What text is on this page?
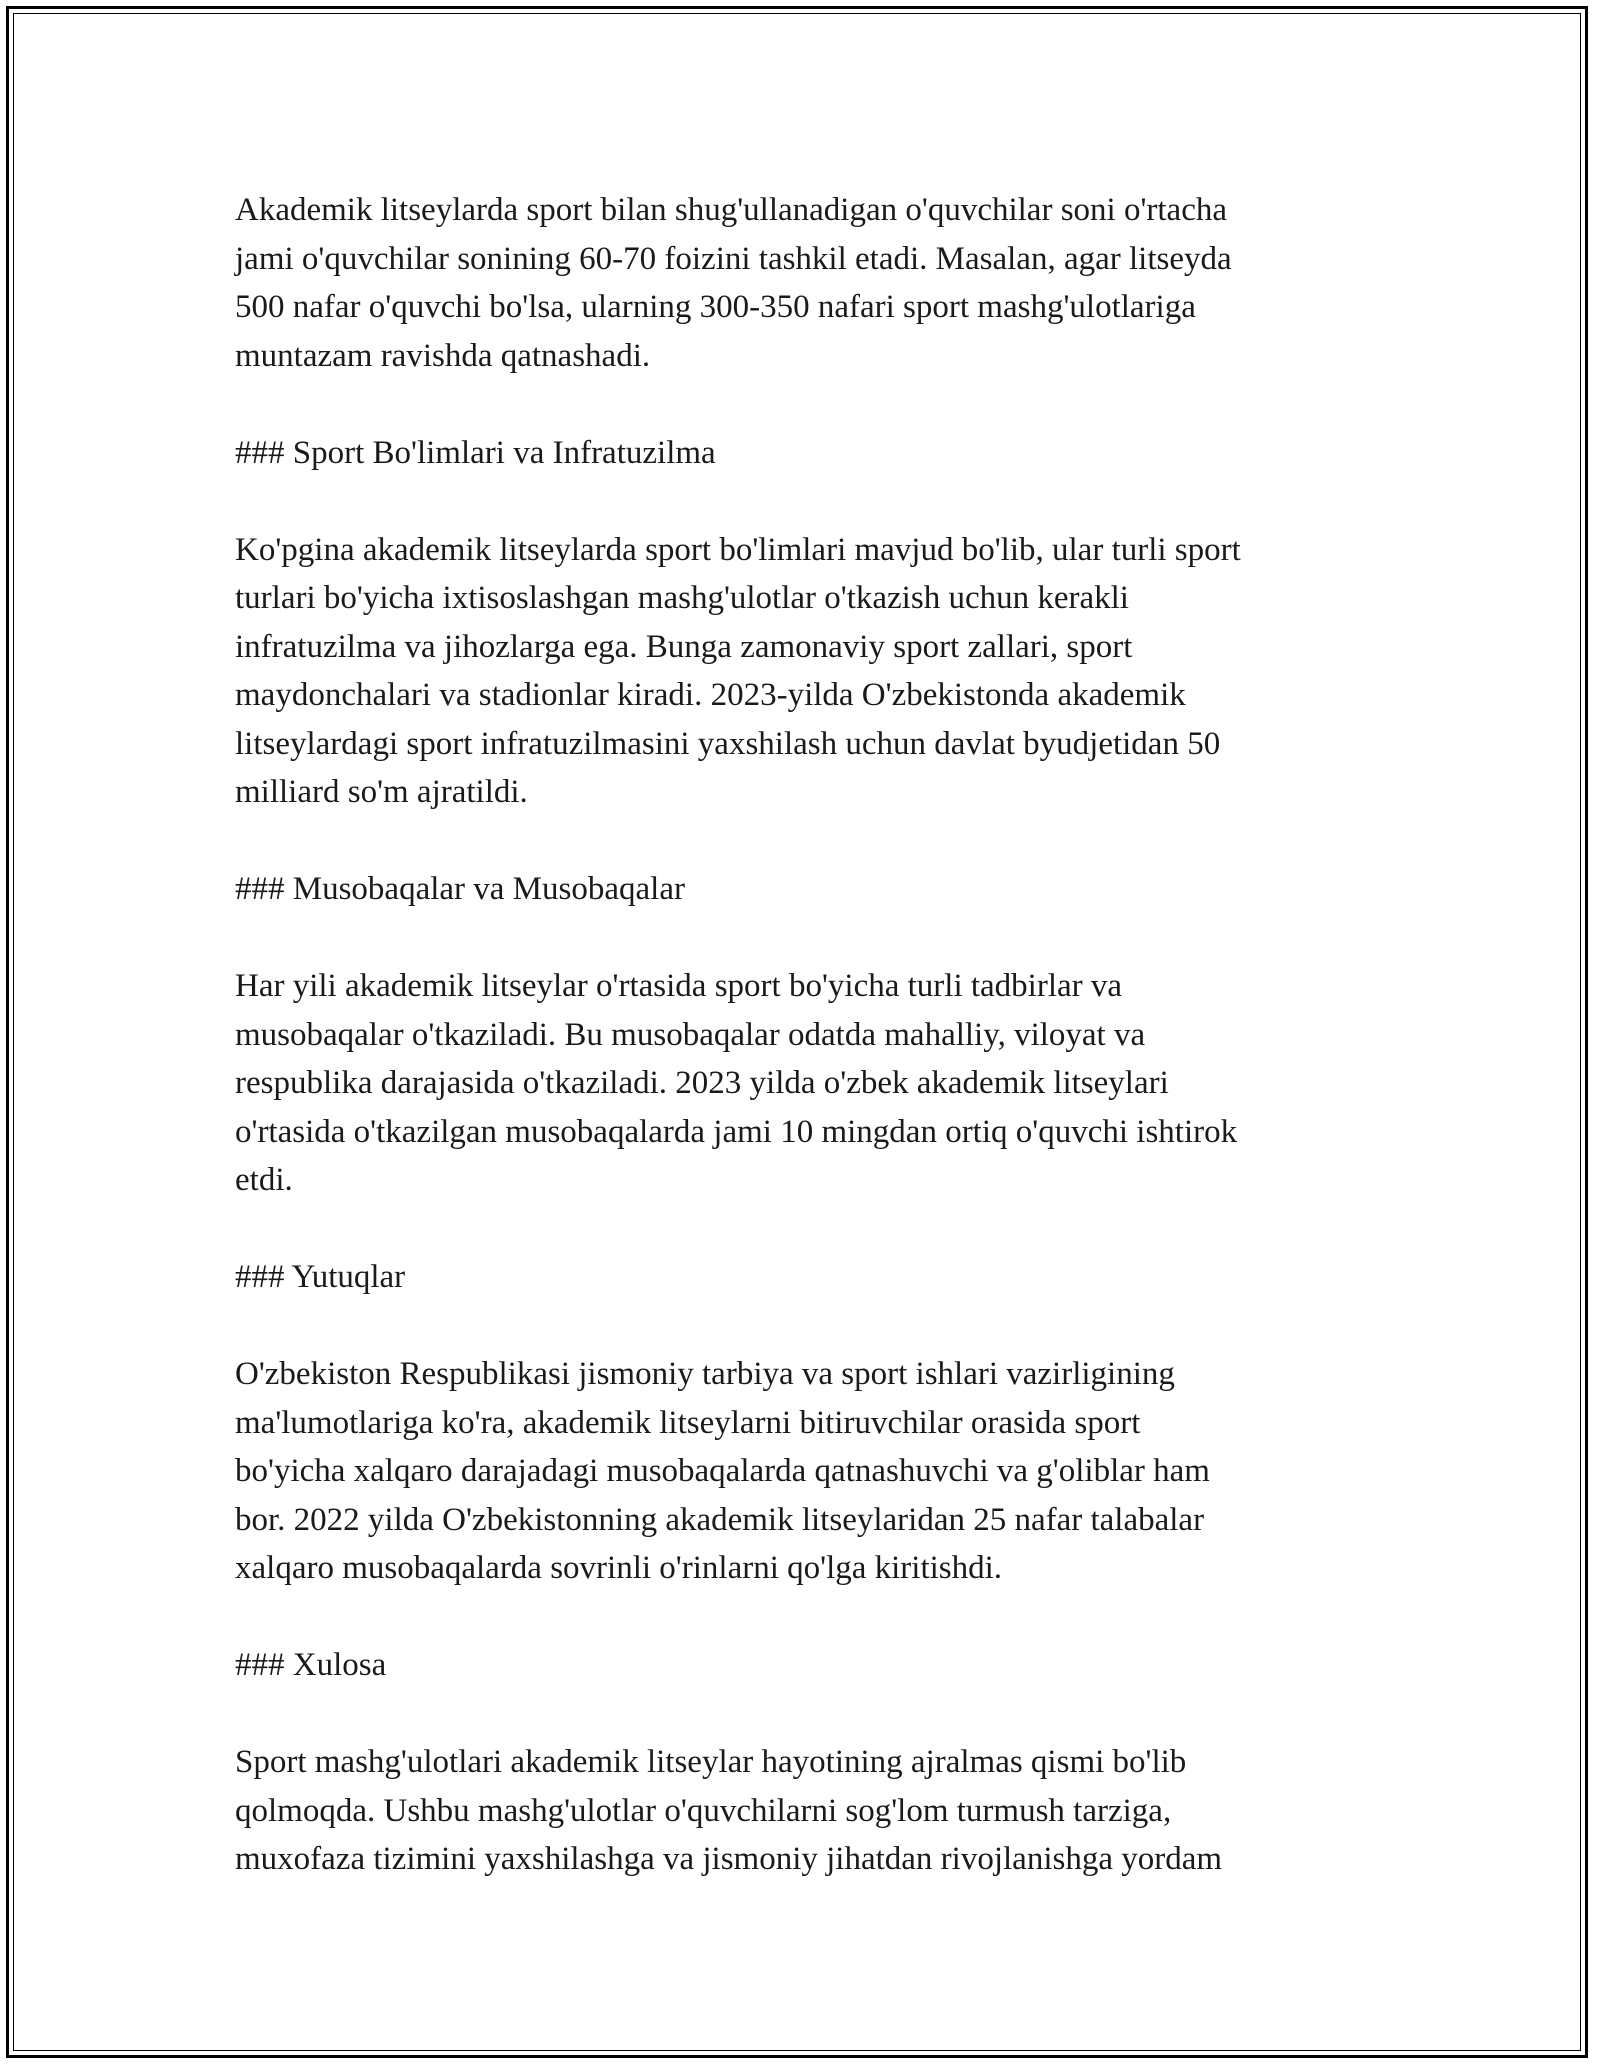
Akademik litseylarda sport bilan shug'ullanadigan o'quvchilar soni o'rtacha
jami o'quvchilar sonining 60-70 foizini tashkil etadi. Masalan, agar litseyda
500 nafar o'quvchi bo'lsa, ularning 300-350 nafari sport mashg'ulotlariga
muntazam ravishda qatnashadi.

### Sport Bo'limlari va Infratuzilma

Ko'pgina akademik litseylarda sport bo'limlari mavjud bo'lib, ular turli sport
turlari bo'yicha ixtisoslashgan mashg'ulotlar o'tkazish uchun kerakli
infratuzilma va jihozlarga ega. Bunga zamonaviy sport zallari, sport
maydonchalari va stadionlar kiradi. 2023-yilda O'zbekistonda akademik
litseylardagi sport infratuzilmasini yaxshilash uchun davlat byudjetidan 50
milliard so'm ajratildi.

### Musobaqalar va Musobaqalar

Har yili akademik litseylar o'rtasida sport bo'yicha turli tadbirlar va
musobaqalar o'tkaziladi. Bu musobaqalar odatda mahalliy, viloyat va
respublika darajasida o'tkaziladi. 2023 yilda o'zbek akademik litseylari
o'rtasida o'tkazilgan musobaqalarda jami 10 mingdan ortiq o'quvchi ishtirok
etdi.

### Yutuqlar

O'zbekiston Respublikasi jismoniy tarbiya va sport ishlari vazirligining
ma'lumotlariga ko'ra, akademik litseylarni bitiruvchilar orasida sport
bo'yicha xalqaro darajadagi musobaqalarda qatnashuvchi va g'oliblar ham
bor. 2022 yilda O'zbekistonning akademik litseylaridan 25 nafar talabalar
xalqaro musobaqalarda sovrinli o'rinlarni qo'lga kiritishdi.

### Xulosa

Sport mashg'ulotlari akademik litseylar hayotining ajralmas qismi bo'lib
qolmoqda. Ushbu mashg'ulotlar o'quvchilarni sog'lom turmush tarziga,
muxofaza tizimini yaxshilashga va jismoniy jihatdan rivojlanishga yordam
